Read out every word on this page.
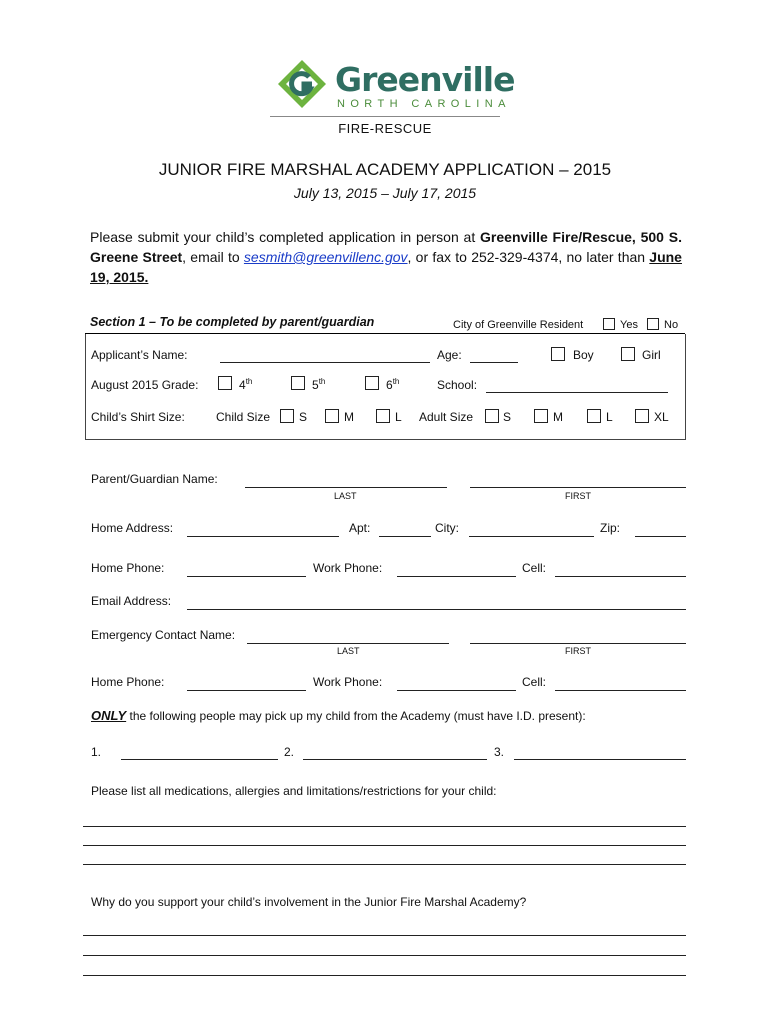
Greenville
NORTH CAROLINA
FIRE-RESCUE
JUNIOR FIRE MARSHAL ACADEMY APPLICATION – 2015
July 13, 2015 – July 17, 2015
Please submit your child’s completed application in person at Greenville Fire/Rescue, 500 S. Greene Street, email to sesmith@greenvillenc.gov, or fax to 252-329-4374, no later than June 19, 2015.
Section 1 – To be completed by parent/guardian	City of Greenville Resident	Yes No
Applicant’s Name:	Age:	Boy	Girl
August 2015 Grade:	4th	5th	6th	School:
Child’s Shirt Size:	Child Size S	M	L Adult Size S	M	L	XL
Parent/Guardian Name:
LAST	FIRST
Home Address:	Apt:	City:	Zip:
Home Phone:	Work Phone:	Cell:
Email Address:
Emergency Contact Name:
LAST	FIRST
Home Phone:	Work Phone:	Cell:
ONLY the following people may pick up my child from the Academy (must have I.D. present):
1.	2.	3.
Please list all medications, allergies and limitations/restrictions for your child:
Why do you support your child’s involvement in the Junior Fire Marshal Academy?
